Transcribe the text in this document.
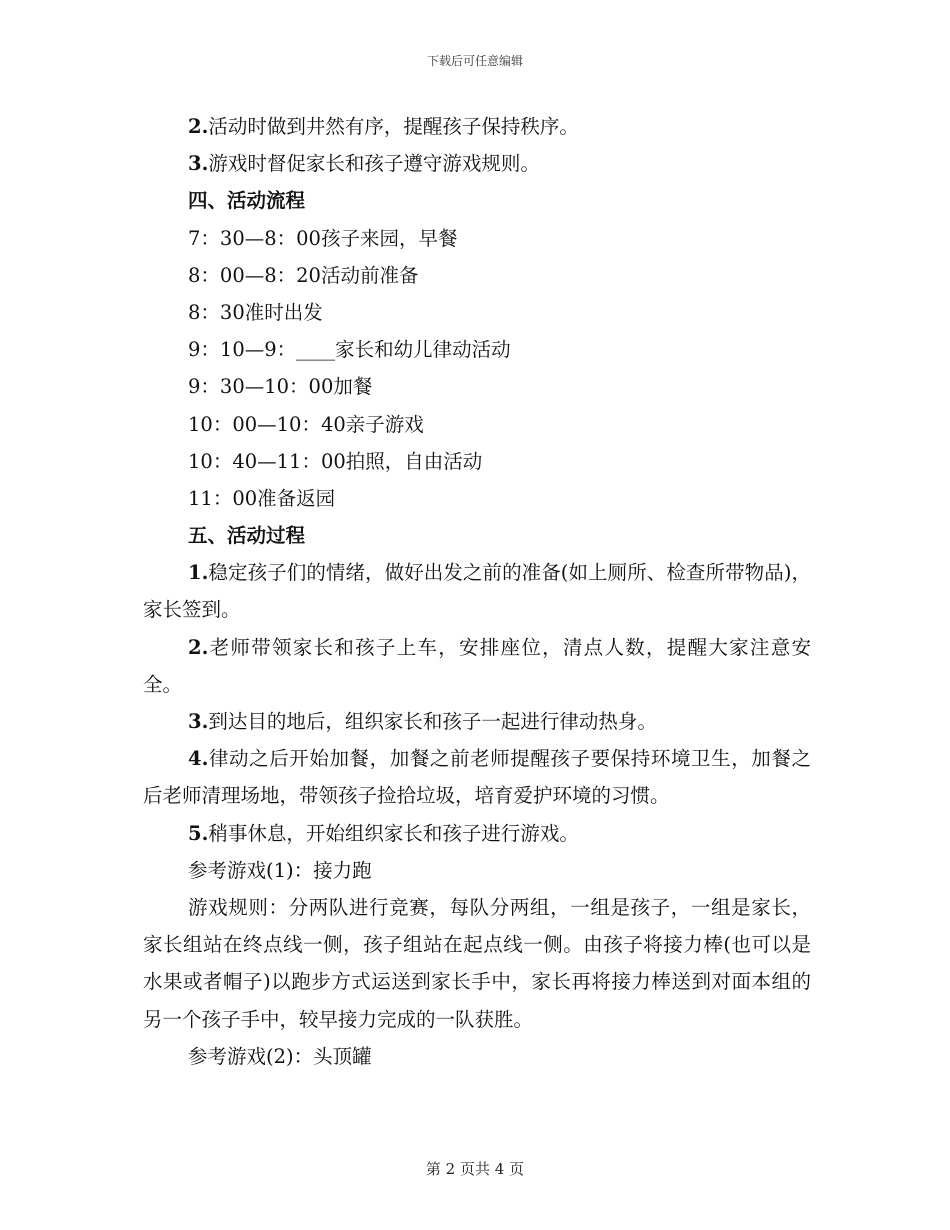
下载后可任意编辑
2.活动时做到井然有序，提醒孩子保持秩序。
3.游戏时督促家长和孩子遵守游戏规则。
四、活动流程
7：30—8：00孩子来园，早餐
8：00—8：20活动前准备
8：30准时出发
9：10—9：____家长和幼儿律动活动
9：30—10：00加餐
10：00—10：40亲子游戏
10：40—11：00拍照，自由活动
11：00准备返园
五、活动过程
1.稳定孩子们的情绪，做好出发之前的准备(如上厕所、检查所带物品)，家长签到。
2.老师带领家长和孩子上车，安排座位，清点人数，提醒大家注意安全。
3.到达目的地后，组织家长和孩子一起进行律动热身。
4.律动之后开始加餐，加餐之前老师提醒孩子要保持环境卫生，加餐之后老师清理场地，带领孩子捡拾垃圾，培育爱护环境的习惯。
5.稍事休息，开始组织家长和孩子进行游戏。
参考游戏(1)：接力跑
游戏规则：分两队进行竞赛，每队分两组，一组是孩子，一组是家长，家长组站在终点线一侧，孩子组站在起点线一侧。由孩子将接力棒(也可以是水果或者帽子)以跑步方式运送到家长手中，家长再将接力棒送到对面本组的另一个孩子手中，较早接力完成的一队获胜。
参考游戏(2)：头顶罐
第 2 页共 4 页
